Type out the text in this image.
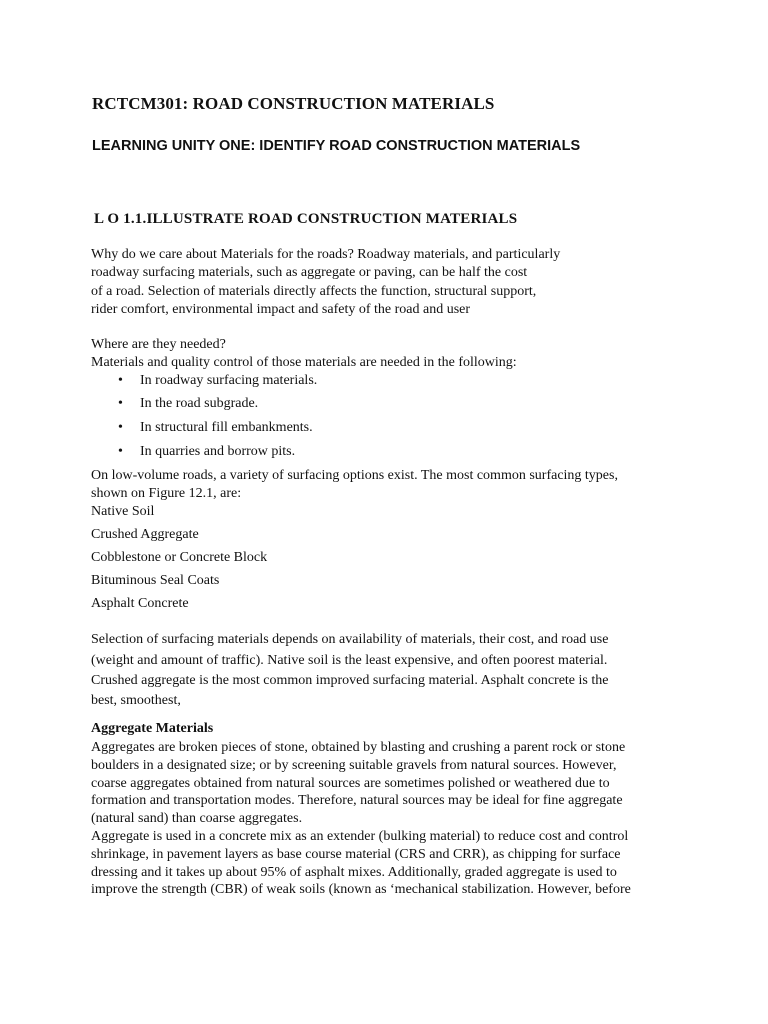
RCTCM301: ROAD CONSTRUCTION MATERIALS
LEARNING UNITY ONE: IDENTIFY ROAD CONSTRUCTION MATERIALS
L O 1.1.ILLUSTRATE ROAD CONSTRUCTION MATERIALS
Why do we care about Materials for the roads? Roadway materials, and particularly
roadway surfacing materials, such as aggregate or paving, can be half the cost
of a road. Selection of materials directly affects the function, structural support,
rider comfort, environmental impact and safety of the road and user
Where are they needed?
Materials and quality control of those materials are needed in the following:
• In roadway surfacing materials.
• In the road subgrade.
• In structural fill embankments.
• In quarries and borrow pits.
On low-volume roads, a variety of surfacing options exist. The most common surfacing types,
shown on Figure 12.1, are:
Native Soil
Crushed Aggregate
Cobblestone or Concrete Block
Bituminous Seal Coats
Asphalt Concrete
Selection of surfacing materials depends on availability of materials, their cost, and road use
(weight and amount of traffic). Native soil is the least expensive, and often poorest material.
Crushed aggregate is the most common improved surfacing material. Asphalt concrete is the
best, smoothest,
Aggregate Materials
Aggregates are broken pieces of stone, obtained by blasting and crushing a parent rock or stone
boulders in a designated size; or by screening suitable gravels from natural sources. However,
coarse aggregates obtained from natural sources are sometimes polished or weathered due to
formation and transportation modes. Therefore, natural sources may be ideal for fine aggregate
(natural sand) than coarse aggregates.
Aggregate is used in a concrete mix as an extender (bulking material) to reduce cost and control
shrinkage, in pavement layers as base course material (CRS and CRR), as chipping for surface
dressing and it takes up about 95% of asphalt mixes. Additionally, graded aggregate is used to
improve the strength (CBR) of weak soils (known as ‘mechanical stabilization. However, before
